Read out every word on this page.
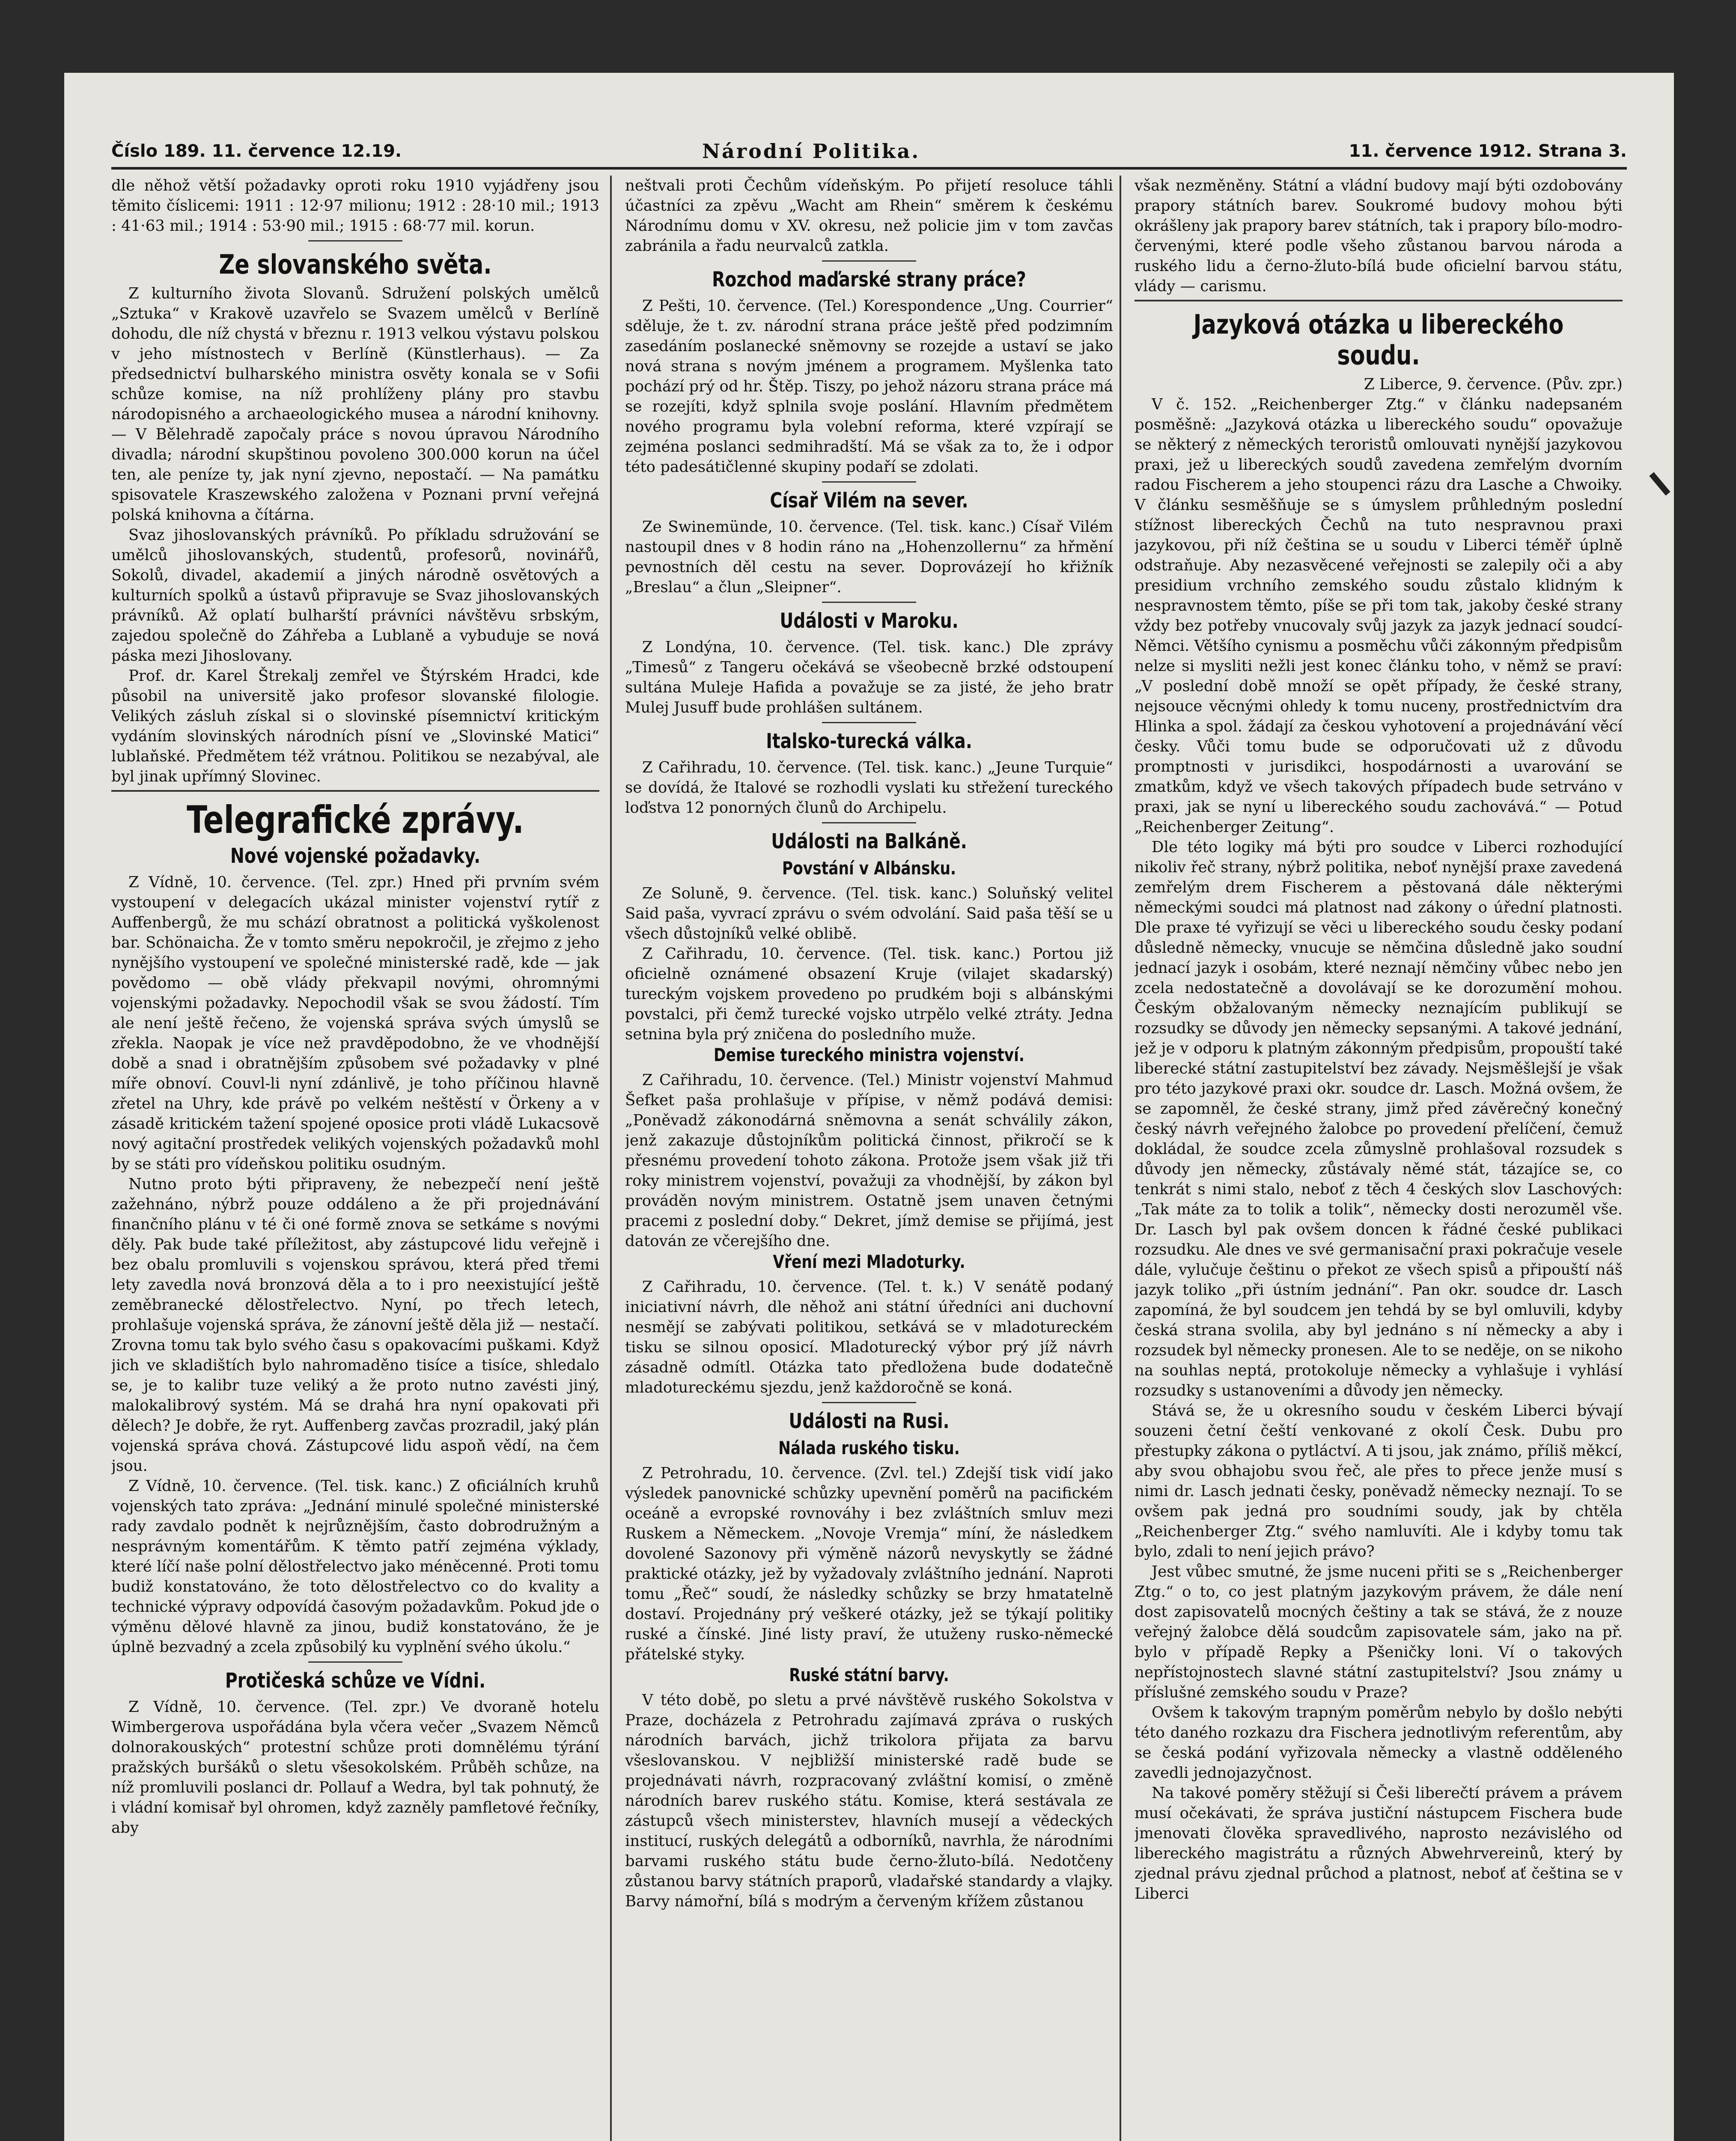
Číslo 189. 11. července 12.19.	Národní Politika.	11. července 1912. Strana 3.

dle něhož větší požadavky oproti roku 1910 vyjádřeny jsou těmito číslicemi: 1911 : 12·97 milionu; 1912 : 28·10 mil.; 1913 : 41·63 mil.; 1914 : 53·90 mil.; 1915 : 68·77 mil. korun.

Ze slovanského světa.

Z kulturního života Slovanů. Sdružení polských umělců „Sztuka“ v Krakově uzavřelo se Svazem umělců v Berlíně dohodu, dle níž chystá v březnu r. 1913 velkou výstavu polskou v jeho místnostech v Berlíně (Künstlerhaus). — Za předsednictví bulharského ministra osvěty konala se v Sofii schůze komise, na níž prohlíženy plány pro stavbu národopisného a archaeologického musea a národní knihovny. — V Bělehradě započaly práce s novou úpravou Národního divadla; národní skupštinou povoleno 300.000 korun na účel ten, ale peníze ty, jak nyní zjevno, nepostačí. — Na památku spisovatele Kraszewského založena v Poznani první veřejná polská knihovna a čítárna.

Svaz jihoslovanských právníků. Po příkladu sdružování se umělců jihoslovanských, studentů, profesorů, novinářů, Sokolů, divadel, akademií a jiných národně osvětových a kulturních spolků a ústavů připravuje se Svaz jihoslovanských právníků. Až oplatí bulharští právníci návštěvu srbským, zajedou společně do Záhřeba a Lublaně a vybuduje se nová páska mezi Jihoslovany.

Prof. dr. Karel Štrekalj zemřel ve Štýrském Hradci, kde působil na universitě jako profesor slovanské filologie. Velikých zásluh získal si o slovinské písemnictví kritickým vydáním slovinských národních písní ve „Slovinské Matici“ lublaňské. Předmětem též vrátnou. Politikou se nezabýval, ale byl jinak upřímný Slovinec.

Telegrafické zprávy.
Nové vojenské požadavky.

Z Vídně, 10. července. (Tel. zpr.) Hned při prvním svém vystoupení v delegacích ukázal minister vojenství rytíř z Auffenbergů, že mu schází obratnost a politická vyškolenost bar. Schönaicha. Že v tomto směru nepokročil, je zřejmo z jeho nynějšího vystoupení ve společné ministerské radě, kde — jak povědomo — obě vlády překvapil novými, ohromnými vojenskými požadavky. Nepochodil však se svou žádostí. Tím ale není ještě řečeno, že vojenská správa svých úmyslů se zřekla. Naopak je více než pravděpodobno, že ve vhodnější době a snad i obratnějším způsobem své požadavky v plné míře obnoví. Couvl-li nyní zdánlivě, je toho příčinou hlavně zřetel na Uhry, kde právě po velkém neštěstí v Örkeny a v zásadě kritickém tažení spojené oposice proti vládě Lukacsově nový agitační prostředek velikých vojenských požadavků mohl by se státi pro vídeňskou politiku osudným.

Nutno proto býti připraveny, že nebezpečí není ještě zažehnáno, nýbrž pouze oddáleno a že při projednávání finančního plánu v té či oné formě znova se setkáme s novými děly. Pak bude také příležitost, aby zástupcové lidu veřejně i bez obalu promluvili s vojenskou správou, která před třemi lety zavedla nová bronzová děla a to i pro neexistující ještě zeměbranecké dělostřelectvo. Nyní, po třech letech, prohlašuje vojenská správa, že zánovní ještě děla již — nestačí. Zrovna tomu tak bylo svého času s opakovacími puškami. Když jich ve skladištích bylo nahromaděno tisíce a tisíce, shledalo se, je to kalibr tuze veliký a že proto nutno zavésti jiný, malokalibrový systém. Má se drahá hra nyní opakovati při dělech? Je dobře, že ryt. Auffenberg zavčas prozradil, jaký plán vojenská správa chová. Zástupcové lidu aspoň vědí, na čem jsou.

Z Vídně, 10. července. (Tel. tisk. kanc.) Z oficiálních kruhů vojenských tato zpráva: „Jednání minulé společné ministerské rady zavdalo podnět k nejrůznějším, často dobrodružným a nesprávným komentářům. K těmto patří zejména výklady, které líčí naše polní dělostřelectvo jako méněcenné. Proti tomu budiž konstatováno, že toto dělostřelectvo co do kvality a technické výpravy odpovídá časovým požadavkům. Pokud jde o výměnu dělové hlavně za jinou, budiž konstatováno, že je úplně bezvadný a zcela způsobilý ku vyplnění svého úkolu.“

Protičeská schůze ve Vídni.

Z Vídně, 10. července. (Tel. zpr.) Ve dvoraně hotelu Wimbergerova uspořádána byla včera večer „Svazem Němců dolnorakouských“ protestní schůze proti domnělému týrání pražských buršáků o sletu všesokolském. Průběh schůze, na níž promluvili poslanci dr. Pollauf a Wedra, byl tak pohnutý, že i vládní komisař byl ohromen, když zazněly pamfletové řečníky, aby

neštvali proti Čechům vídeňským. Po přijetí resoluce táhli účastníci za zpěvu „Wacht am Rhein“ směrem k českému Národnímu domu v XV. okresu, než policie jim v tom zavčas zabránila a řadu neurvalců zatkla.

Rozchod maďarské strany práce?

Z Pešti, 10. července. (Tel.) Korespondence „Ung. Courrier“ sděluje, že t. zv. národní strana práce ještě před podzimním zasedáním poslanecké sněmovny se rozejde a ustaví se jako nová strana s novým jménem a programem. Myšlenka tato pochází prý od hr. Štěp. Tiszy, po jehož názoru strana práce má se rozejíti, když splnila svoje poslání. Hlavním předmětem nového programu byla volební reforma, které vzpírají se zejména poslanci sedmihradští. Má se však za to, že i odpor této padesátičlenné skupiny podaří se zdolati.

Císař Vilém na sever.

Ze Swinemünde, 10. července. (Tel. tisk. kanc.) Císař Vilém nastoupil dnes v 8 hodin ráno na „Hohenzollernu“ za hřmění pevnostních děl cestu na sever. Doprovázejí ho křižník „Breslau“ a člun „Sleipner“.

Události v Maroku.

Z Londýna, 10. července. (Tel. tisk. kanc.) Dle zprávy „Timesů“ z Tangeru očekává se všeobecně brzké odstoupení sultána Muleje Hafida a považuje se za jisté, že jeho bratr Mulej Jusuff bude prohlášen sultánem.

Italsko-turecká válka.

Z Cařihradu, 10. července. (Tel. tisk. kanc.) „Jeune Turquie“ se dovídá, že Italové se rozhodli vyslati ku střežení tureckého loďstva 12 ponorných člunů do Archipelu.

Události na Balkáně.
Povstání v Albánsku.

Ze Soluně, 9. července. (Tel. tisk. kanc.) Soluňský velitel Said paša, vyvrací zprávu o svém odvolání. Said paša těší se u všech důstojníků velké oblibě.

Z Cařihradu, 10. července. (Tel. tisk. kanc.) Portou již oficielně oznámené obsazení Kruje (vilajet skadarský) tureckým vojskem provedeno po prudkém boji s albánskými povstalci, při čemž turecké vojsko utrpělo velké ztráty. Jedna setnina byla prý zničena do posledního muže.

Demise tureckého ministra vojenství.

Z Cařihradu, 10. července. (Tel.) Ministr vojenství Mahmud Šefket paša prohlašuje v přípise, v němž podává demisi: „Poněvadž zákonodárná sněmovna a senát schválily zákon, jenž zakazuje důstojníkům politická činnost, přikročí se k přesnému provedení tohoto zákona. Protože jsem však již tři roky ministrem vojenství, považuji za vhodnější, by zákon byl prováděn novým ministrem. Ostatně jsem unaven četnými pracemi z poslední doby.“ Dekret, jímž demise se přijímá, jest datován ze včerejšího dne.

Vření mezi Mladoturky.

Z Cařihradu, 10. července. (Tel. t. k.) V senátě podaný iniciativní návrh, dle něhož ani státní úředníci ani duchovní nesmějí se zabývati politikou, setkává se v mladotureckém tisku se silnou oposicí. Mladoturecký výbor prý jíž návrh zásadně odmítl. Otázka tato předložena bude dodatečně mladotureckému sjezdu, jenž každoročně se koná.

Události na Rusi.
Nálada ruského tisku.

Z Petrohradu, 10. července. (Zvl. tel.) Zdejší tisk vidí jako výsledek panovnické schůzky upevnění poměrů na pacifickém oceáně a evropské rovnováhy i bez zvláštních smluv mezi Ruskem a Německem. „Novoje Vremja“ míní, že následkem dovolené Sazonovy při výměně názorů nevyskytly se žádné praktické otázky, jež by vyžadovaly zvláštního jednání. Naproti tomu „Řeč“ soudí, že následky schůzky se brzy hmatatelně dostaví. Projednány prý veškeré otázky, jež se týkají politiky ruské a čínské. Jiné listy praví, že utuženy rusko-německé přátelské styky.

Ruské státní barvy.

V této době, po sletu a prvé návštěvě ruského Sokolstva v Praze, docházela z Petrohradu zajímavá zpráva o ruských národních barvách, jichž trikolora přijata za barvu všeslovanskou. V nejbližší ministerské radě bude se projednávati návrh, rozpracovaný zvláštní komisí, o změně národních barev ruského státu. Komise, která sestávala ze zástupců všech ministerstev, hlavních musejí a vědeckých institucí, ruských delegátů a odborníků, navrhla, že národními barvami ruského státu bude černo-žluto-bílá. Nedotčeny zůstanou barvy státních praporů, vladařské standardy a vlajky. Barvy námořní, bílá s modrým a červeným křížem zůstanou

však nezměněny. Státní a vládní budovy mají býti ozdobovány prapory státních barev. Soukromé budovy mohou býti okrášleny jak prapory barev státních, tak i prapory bílo-modro-červenými, které podle všeho zůstanou barvou národa a ruského lidu a černo-žluto-bílá bude oficielní barvou státu, vlády — carismu.

Jazyková otázka u libereckého soudu.

Z Liberce, 9. července. (Pův. zpr.)

V č. 152. „Reichenberger Ztg.“ v článku nadepsaném posměšně: „Jazyková otázka u libereckého soudu“ opovažuje se některý z německých teroristů omlouvati nynější jazykovou praxi, jež u libereckých soudů zavedena zemřelým dvorním radou Fischerem a jeho stoupenci rázu dra Lasche a Chwoiky. V článku sesměšňuje se s úmyslem průhledným poslední stížnost libereckých Čechů na tuto nespravnou praxi jazykovou, při níž čeština se u soudu v Liberci téměř úplně odstraňuje. Aby nezasvěcené veřejnosti se zalepily oči a aby presidium vrchního zemského soudu zůstalo klidným k nespravnostem těmto, píše se při tom tak, jakoby české strany vždy bez potřeby vnucovaly svůj jazyk za jazyk jednací soudcí-Němci. Většího cynismu a posměchu vůči zákonným předpisům nelze si mysliti nežli jest konec článku toho, v němž se praví: „V poslední době množí se opět případy, že české strany, nejsouce věcnými ohledy k tomu nuceny, prostřednictvím dra Hlinka a spol. žádají za českou vyhotovení a projednávání věcí česky. Vůči tomu bude se odporučovati už z důvodu promptnosti v jurisdikci, hospodárnosti a uvarování se zmatkům, když ve všech takových případech bude setrváno v praxi, jak se nyní u libereckého soudu zachovává.“ — Potud „Reichenberger Zeitung“.

Dle této logiky má býti pro soudce v Liberci rozhodující nikoliv řeč strany, nýbrž politika, neboť nynější praxe zavedená zemřelým drem Fischerem a pěstovaná dále některými německými soudci má platnost nad zákony o úřední platnosti. Dle praxe té vyřizují se věci u libereckého soudu česky podaní důsledně německy, vnucuje se němčina důsledně jako soudní jednací jazyk i osobám, které neznají němčiny vůbec nebo jen zcela nedostatečně a dovolávají se ke dorozumění mohou. Českým obžalovaným německy neznajícím publikují se rozsudky se důvody jen německy sepsanými. A takové jednání, jež je v odporu k platným zákonným předpisům, propouští také liberecké státní zastupitelství bez závady. Nejsměšlejší je však pro této jazykové praxi okr. soudce dr. Lasch. Možná ovšem, že se zapomněl, že české strany, jimž před závěrečný konečný český návrh veřejného žalobce po provedení přelíčení, čemuž dokládal, že soudce zcela zůmyslně prohlašoval rozsudek s důvody jen německy, zůstávaly němé stát, tázajíce se, co tenkrát s nimi stalo, neboť z těch 4 českých slov Laschových: „Tak máte za to tolik a tolik“, německy dosti nerozuměl vše. Dr. Lasch byl pak ovšem doncen k řádné české publikaci rozsudku. Ale dnes ve své germanisační praxi pokračuje vesele dále, vylučuje češtinu o překot ze všech spisů a připouští náš jazyk toliko „při ústním jednání“. Pan okr. soudce dr. Lasch zapomíná, že byl soudcem jen tehdá by se byl omluvili, kdyby česká strana svolila, aby byl jednáno s ní německy a aby i rozsudek byl německy pronesen. Ale to se neděje, on se nikoho na souhlas neptá, protokoluje německy a vyhlašuje i vyhlásí rozsudky s ustanoveními a důvody jen německy.

Stává se, že u okresního soudu v českém Liberci bývají souzeni četní čeští venkované z okolí Česk. Dubu pro přestupky zákona o pytláctví. A ti jsou, jak známo, příliš měkcí, aby svou obhajobu svou řeč, ale přes to přece jenže musí s nimi dr. Lasch jednati česky, poněvadž německy neznají. To se ovšem pak jedná pro soudními soudy, jak by chtěla „Reichenberger Ztg.“ svého namluvíti. Ale i kdyby tomu tak bylo, zdali to není jejich právo?

Jest vůbec smutné, že jsme nuceni přiti se s „Reichenberger Ztg.“ o to, co jest platným jazykovým právem, že dále není dost zapisovatelů mocných češtiny a tak se stává, že z nouze veřejný žalobce dělá soudcům zapisovatele sám, jako na př. bylo v případě Repky a Pšeničky loni. Ví o takových nepřístojnostech slavné státní zastupitelství? Jsou známy u příslušné zemského soudu v Praze?

Ovšem k takovým trapným poměrům nebylo by došlo nebýti této daného rozkazu dra Fischera jednotlivým referentům, aby se česká podání vyřizovala německy a vlastně odděleného zavedli jednojazyčnost.

Na takové poměry stěžují si Češi liberečtí právem a právem musí očekávati, že správa justiční nástupcem Fischera bude jmenovati člověka spravedlivého, naprosto nezávislého od libereckého magistrátu a různých Abwehrvereinů, který by zjednal právu zjednal průchod a platnost, neboť ať čeština se v Liberci
